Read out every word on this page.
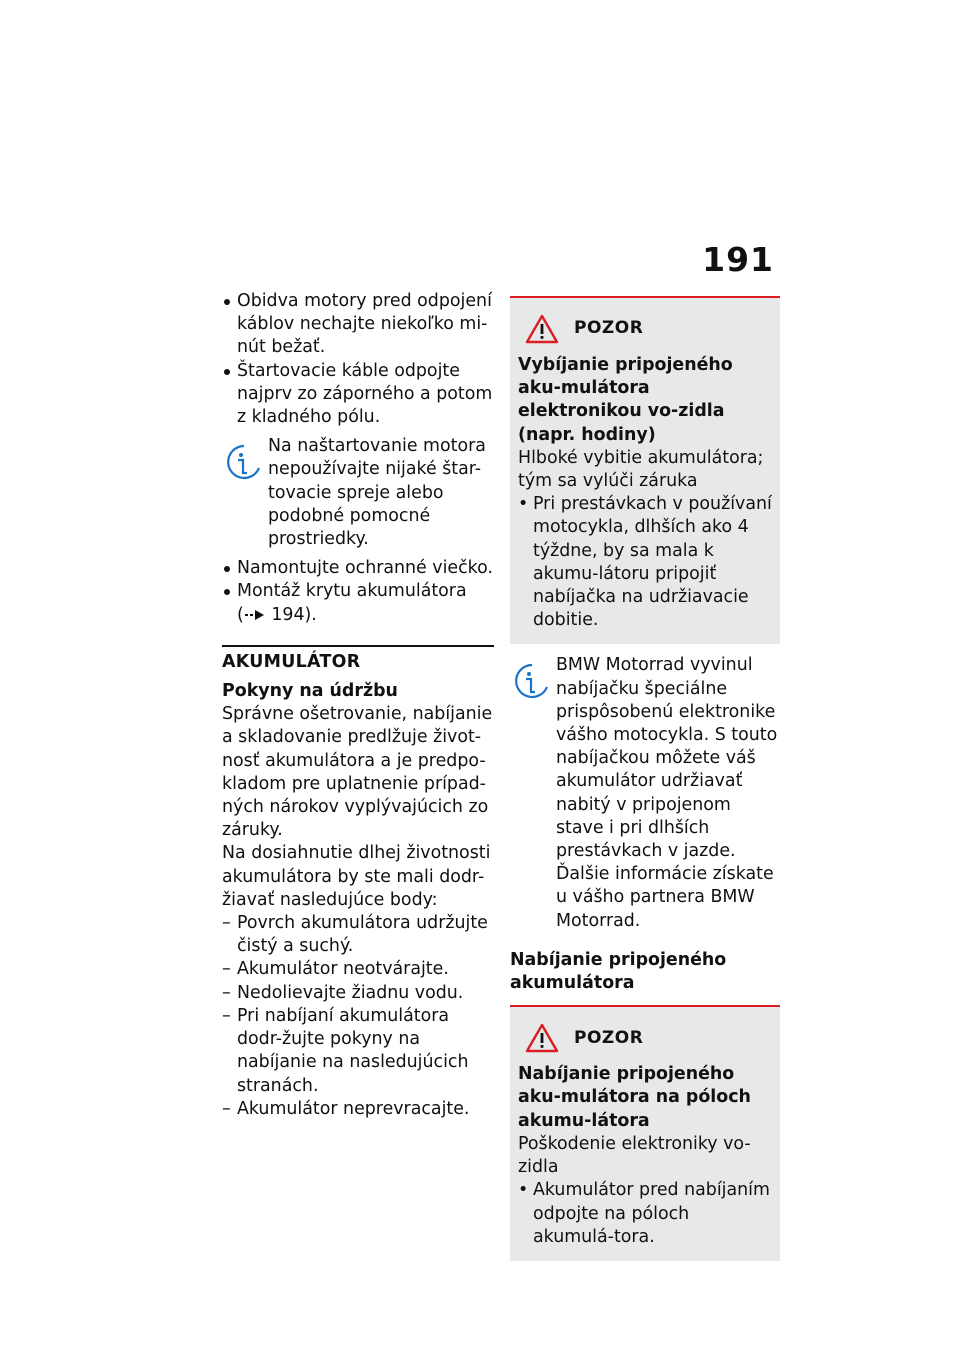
191
Obidva motory pred odpojení káblov nechajte niekoľko mi-nút bežať.
Štartovacie káble odpojte najprv zo záporného a potom z kladného pólu.
Na naštartovanie motora nepoužívajte nijaké štar-tovacie spreje alebo podobné pomocné prostriedky.
Namontujte ochranné viečko.
Montáž krytu akumulátora
( 194).
AKUMULÁTOR
Pokyny na údržbu
Správne ošetrovanie, nabíjanie a skladovanie predlžuje život-nosť akumulátora a je predpo-kladom pre uplatnenie prípad-ných nárokov vyplývajúcich zo záruky.
Na dosiahnutie dlhej životnosti akumulátora by ste mali dodr-žiavať nasledujúce body:
– Povrch akumulátora udržujte čistý a suchý.
– Akumulátor neotvárajte.
– Nedolievajte žiadnu vodu.
– Pri nabíjaní akumulátora dodr-žujte pokyny na nabíjanie na nasledujúcich stranách.
– Akumulátor neprevracajte.
POZOR
Vybíjanie pripojeného aku-mulátora elektronikou vo-zidla (napr. hodiny)
Hlboké vybitie akumulátora; tým sa vylúči záruka
• Pri prestávkach v používaní motocykla, dlhších ako 4 týždne, by sa mala k akumu-látoru pripojiť nabíjačka na udržiavacie dobitie.
BMW Motorrad vyvinul nabíjačku špeciálne prispôsobenú elektronike vášho motocykla. S touto nabíjačkou môžete váš akumulátor udržiavať nabitý v pripojenom stave i pri dlhších prestávkach v jazde. Ďalšie informácie získate u vášho partnera BMW Motorrad.
Nabíjanie pripojeného akumulátora
POZOR
Nabíjanie pripojeného aku-mulátora na póloch akumu-látora
Poškodenie elektroniky vo-zidla
• Akumulátor pred nabíjaním odpojte na póloch akumulá-tora.
